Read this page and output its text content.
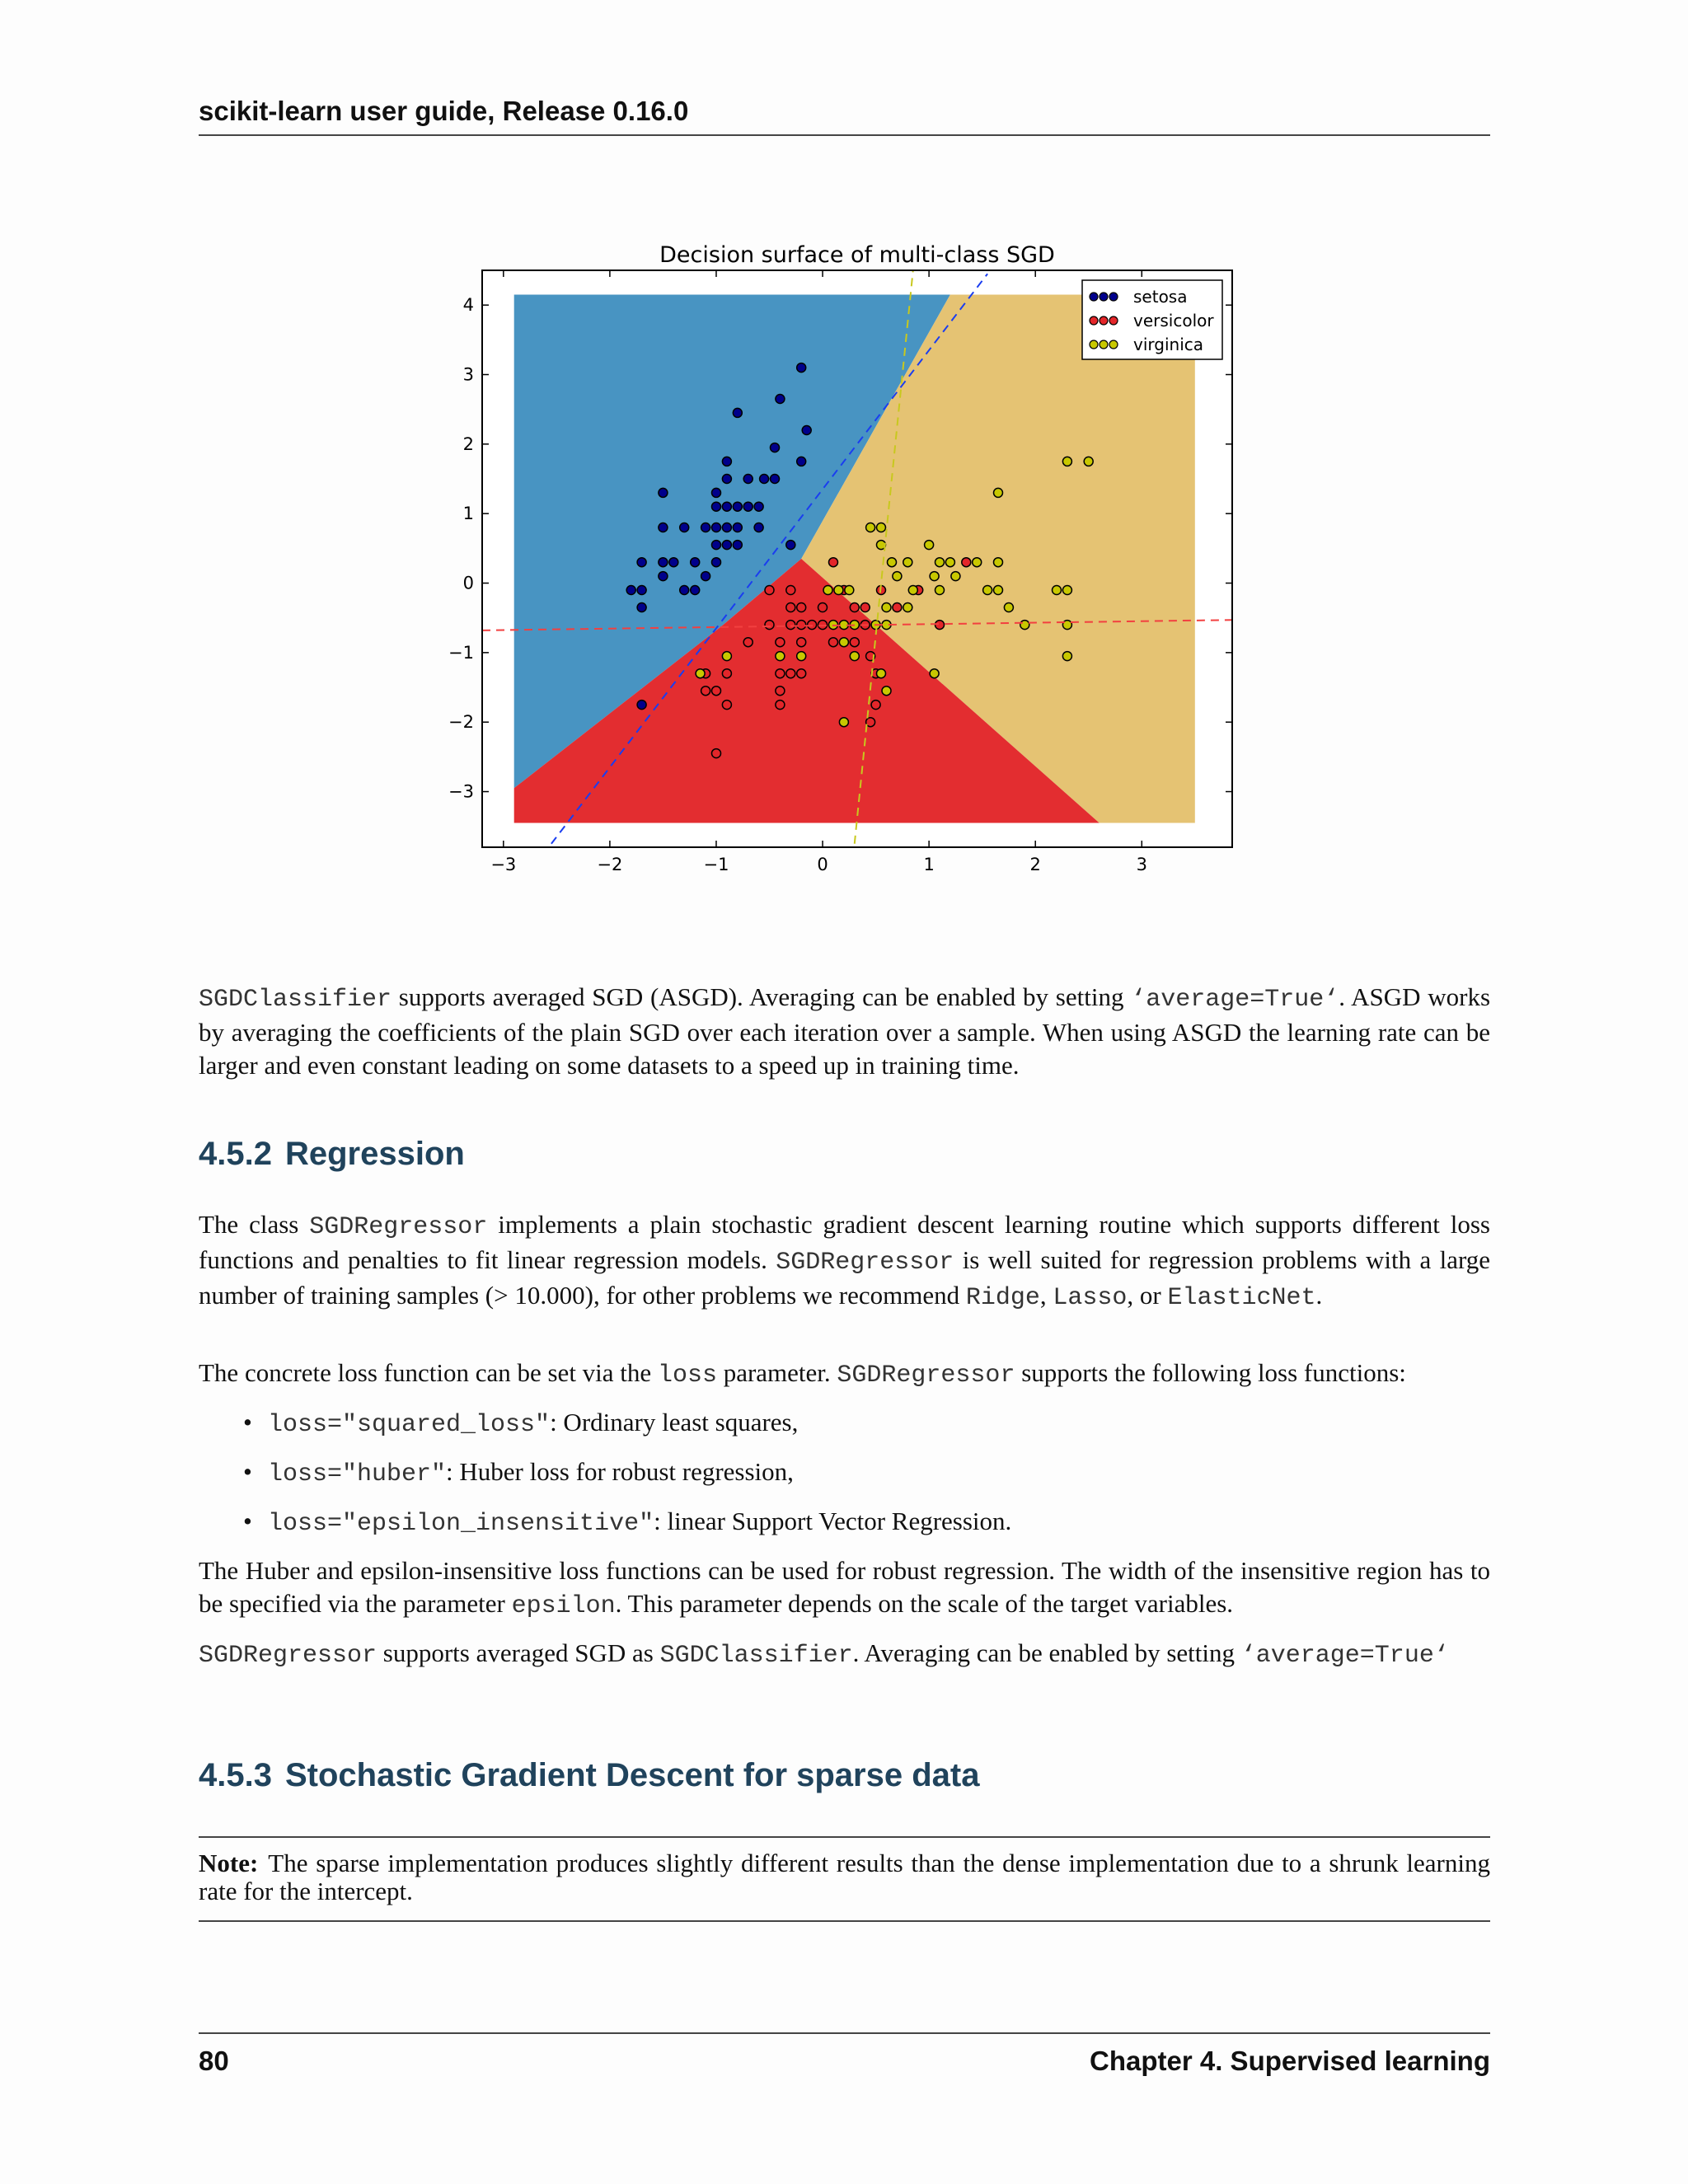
scikit-learn user guide, Release 0.16.0
−3	−2	−1	0	1	2	3
−3
−2
−1
0
1
2
3
4
Decision surface of multi-class SGD
setosa
versicolor
virginica

SGDClassifier supports averaged SGD (ASGD). Averaging can be enabled by setting ‘average=True‘. ASGD works by averaging the coefficients of the plain SGD over each iteration over a sample. When using ASGD the learning rate can be larger and even constant leading on some datasets to a speed up in training time.

4.5.2 Regression

The class SGDRegressor implements a plain stochastic gradient descent learning routine which supports different loss functions and penalties to fit linear regression models. SGDRegressor is well suited for regression problems with a large number of training samples (> 10.000), for other problems we recommend Ridge, Lasso, or ElasticNet.

The concrete loss function can be set via the loss parameter. SGDRegressor supports the following loss functions:

• loss="squared_loss": Ordinary least squares,
• loss="huber": Huber loss for robust regression,
• loss="epsilon_insensitive": linear Support Vector Regression.

The Huber and epsilon-insensitive loss functions can be used for robust regression. The width of the insensitive region has to be specified via the parameter epsilon. This parameter depends on the scale of the target variables.

SGDRegressor supports averaged SGD as SGDClassifier. Averaging can be enabled by setting ‘average=True‘

4.5.3 Stochastic Gradient Descent for sparse data
Note: The sparse implementation produces slightly different results than the dense implementation due to a shrunk learning rate for the intercept.
80	Chapter 4. Supervised learning
